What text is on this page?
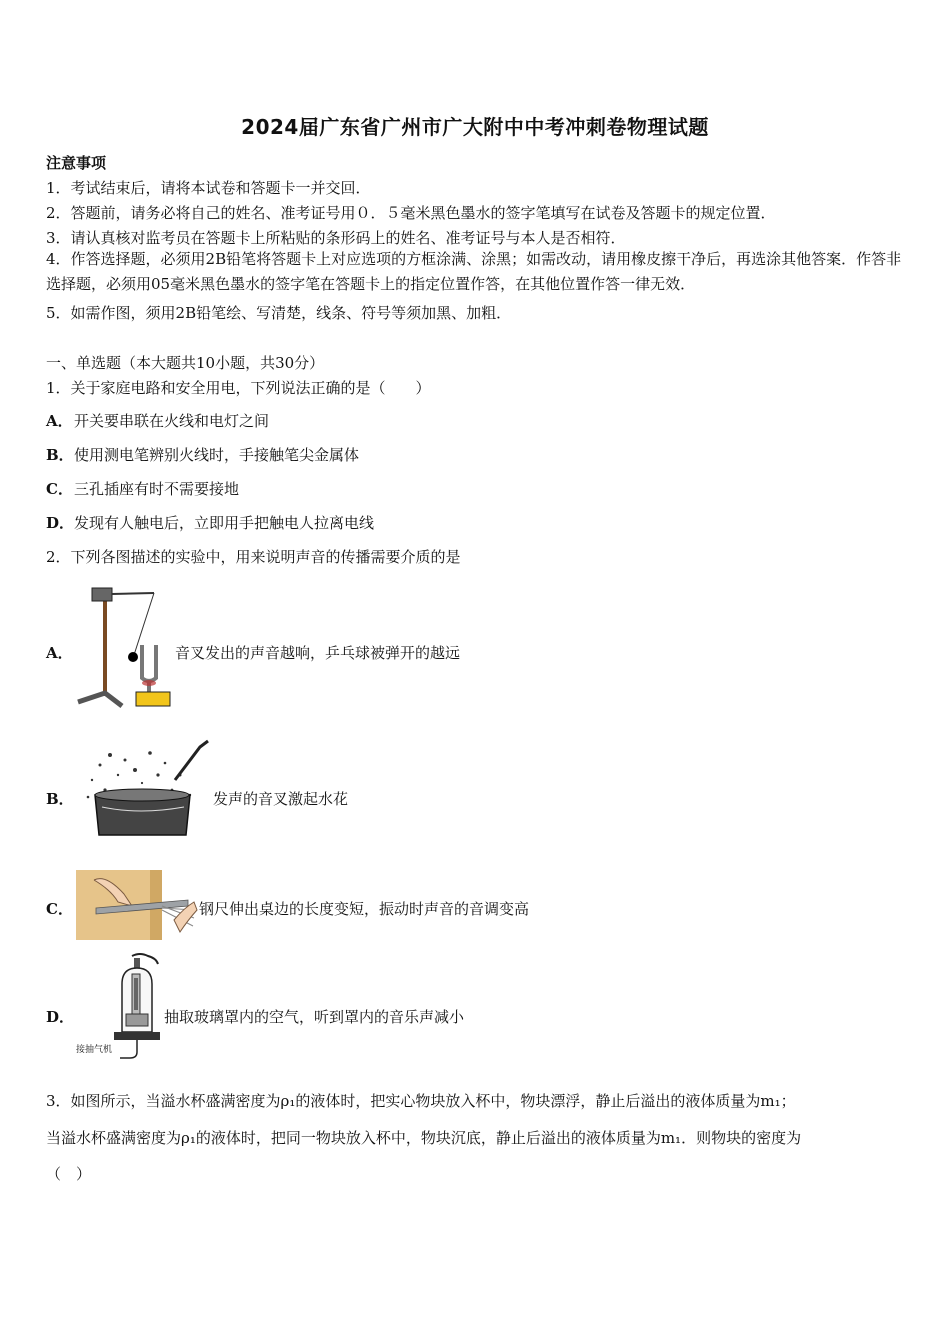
2024届广东省广州市广大附中中考冲刺卷物理试题
注意事项
1．考试结束后，请将本试卷和答题卡一并交回．
2．答题前，请务必将自己的姓名、准考证号用０．５毫米黑色墨水的签字笔填写在试卷及答题卡的规定位置．
3．请认真核对监考员在答题卡上所粘贴的条形码上的姓名、准考证号与本人是否相符．
4．作答选择题，必须用2B铅笔将答题卡上对应选项的方框涂满、涂黑；如需改动，请用橡皮擦干净后，再选涂其他答案．作答非选择题，必须用05毫米黑色墨水的签字笔在答题卡上的指定位置作答，在其他位置作答一律无效．
5．如需作图，须用2B铅笔绘、写清楚，线条、符号等须加黑、加粗．
一、单选题（本大题共10小题，共30分）
1．关于家庭电路和安全用电，下列说法正确的是（　　）
A． 开关要串联在火线和电灯之间
B． 使用测电笔辨别火线时，手接触笔尖金属体
C． 三孔插座有时不需要接地
D． 发现有人触电后，立即用手把触电人拉离电线
2．下列各图描述的实验中，用来说明声音的传播需要介质的是
A．	音叉发出的声音越响，乒乓球被弹开的越远
B．	发声的音叉激起水花
C．	钢尺伸出桌边的长度变短，振动时声音的音调变高
D．
接抽气机
抽取玻璃罩内的空气，听到罩内的音乐声减小
3．如图所示，当溢水杯盛满密度为ρ₁的液体时，把实心物块放入杯中，物块漂浮，静止后溢出的液体质量为m₁；
当溢水杯盛满密度为ρ₁的液体时，把同一物块放入杯中，物块沉底，静止后溢出的液体质量为m₁．则物块的密度为
（　）
